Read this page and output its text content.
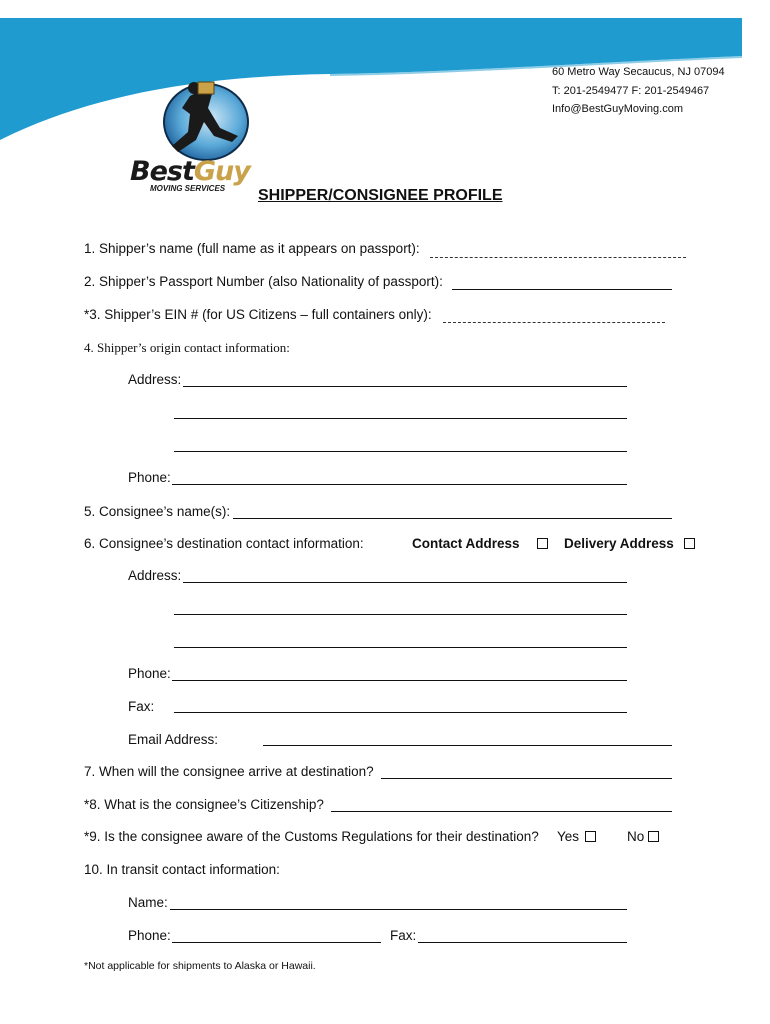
60 Metro Way Secaucus, NJ 07094
T: 201-2549477 F: 201-2549467
Info@BestGuyMoving.com
BestGuy
MOVING SERVICES SHIPPER/CONSIGNEE PROFILE
1. Shipper’s name (full name as it appears on passport):
2. Shipper’s Passport Number (also Nationality of passport):
*3. Shipper’s EIN # (for US Citizens – full containers only):
4. Shipper’s origin contact information:
Address:
Phone:
5. Consignee’s name(s):
6. Consignee’s destination contact information:	Contact Address	Delivery Address
Address:
Phone:
Fax:
Email Address:
7. When will the consignee arrive at destination?
*8. What is the consignee’s Citizenship?
*9. Is the consignee aware of the Customs Regulations for their destination? Yes	No
10. In transit contact information:
Name:
Phone:	Fax:
*Not applicable for shipments to Alaska or Hawaii.
